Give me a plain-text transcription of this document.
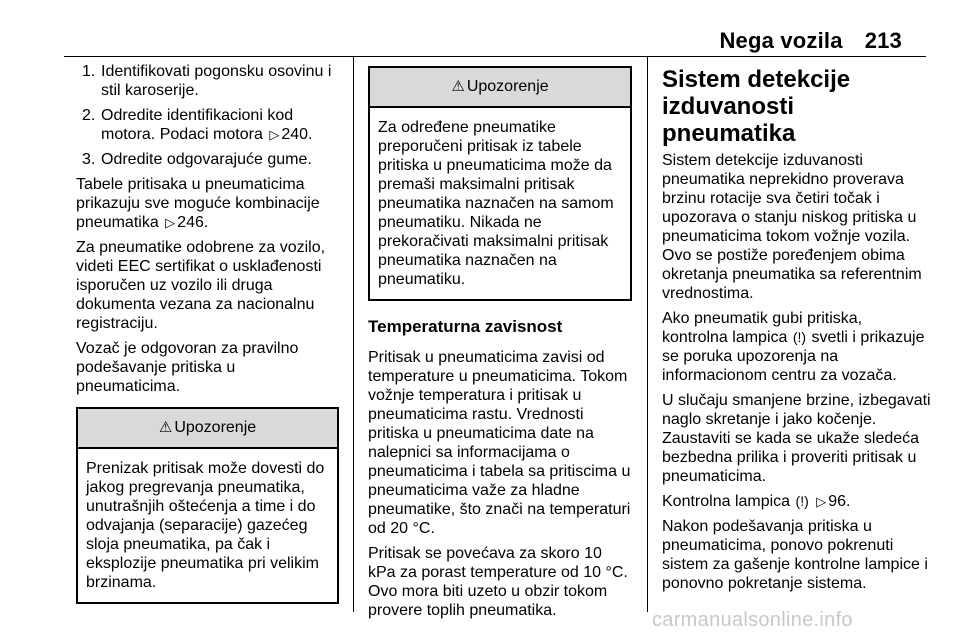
Nega vozila 213
1. Identifikovati pogonsku osovinu i stil karoserije.
2. Odredite identifikacioni kod motora. Podaci motora ▷ 240.
3. Odredite odgovarajuće gume.

Tabele pritisaka u pneumaticima prikazuju sve moguće kombinacije pneumatika ▷ 246.

Za pneumatike odobrene za vozilo, videti EEC sertifikat o usklađenosti isporučen uz vozilo ili druga dokumenta vezana za nacionalnu registraciju.

Vozač je odgovoran za pravilno podešavanje pritiska u pneumaticima.

⚠ Upozorenje
Prenizak pritisak može dovesti do jakog pregrevanja pneumatika, unutrašnjih oštećenja a time i do odvajanja (separacije) gazećeg sloja pneumatika, pa čak i eksplozije pneumatika pri velikim brzinama.
⚠ Upozorenje
Za određene pneumatike preporučeni pritisak iz tabele pritiska u pneumaticima može da premaši maksimalni pritisak pneumatika naznačen na samom pneumatiku. Nikada ne prekoračivati maksimalni pritisak pneumatika naznačen na pneumatiku.
Temperaturna zavisnost

Pritisak u pneumaticima zavisi od temperature u pneumaticima. Tokom vožnje temperatura i pritisak u pneumaticima rastu. Vrednosti pritiska u pneumaticima date na nalepnici sa informacijama o pneumaticima i tabela sa pritiscima u pneumaticima važe za hladne pneumatike, što znači na temperaturi od 20 °C.

Pritisak se povećava za skoro 10 kPa za porast temperature od 10 °C. Ovo mora biti uzeto u obzir tokom provere toplih pneumatika.

Sistem detekcije izduvanosti pneumatika

Sistem detekcije izduvanosti pneumatika neprekidno proverava brzinu rotacije sva četiri točak i upozorava o stanju niskog pritiska u pneumaticima tokom vožnje vozila. Ovo se postiže poređenjem obima okretanja pneumatika sa referentnim vrednostima.

Ako pneumatik gubi pritiska, kontrolna lampica (!) svetli i prikazuje se poruka upozorenja na informacionom centru za vozača.

U slučaju smanjene brzine, izbegavati naglo skretanje i jako kočenje. Zaustaviti se kada se ukaže sledeća bezbedna prilika i proveriti pritisak u pneumaticima.

Kontrolna lampica (!) ▷ 96.

Nakon podešavanja pritiska u pneumaticima, ponovo pokrenuti sistem za gašenje kontrolne lampice i ponovno pokretanje sistema.

carmanualsonline.info
